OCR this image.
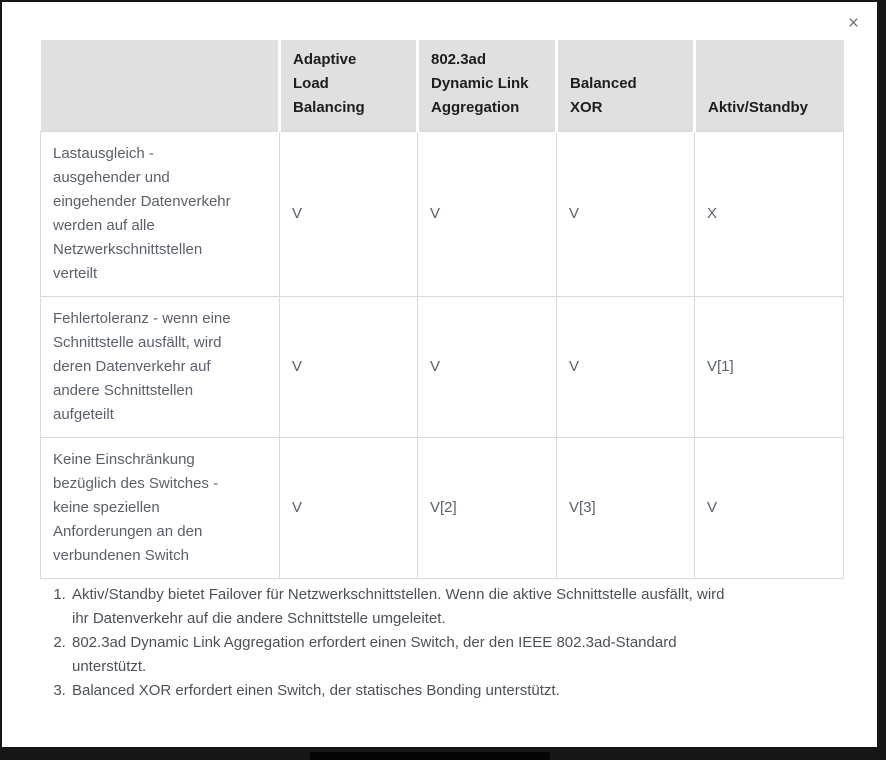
×
	Adaptive Load Balancing	802.3ad Dynamic Link Aggregation	Balanced XOR	Aktiv/Standby
Lastausgleich - ausgehender und eingehender Datenverkehr werden auf alle Netzwerkschnittstellen verteilt	V	V	V	X
Fehlertoleranz - wenn eine Schnittstelle ausfällt, wird deren Datenverkehr auf andere Schnittstellen aufgeteilt	V	V	V	V[1]
Keine Einschränkung bezüglich des Switches - keine speziellen Anforderungen an den verbundenen Switch	V	V[2]	V[3]	V
1. Aktiv/Standby bietet Failover für Netzwerkschnittstellen. Wenn die aktive Schnittstelle ausfällt, wird
ihr Datenverkehr auf die andere Schnittstelle umgeleitet.
2. 802.3ad Dynamic Link Aggregation erfordert einen Switch, der den IEEE 802.3ad-Standard
unterstützt.
3. Balanced XOR erfordert einen Switch, der statisches Bonding unterstützt.
